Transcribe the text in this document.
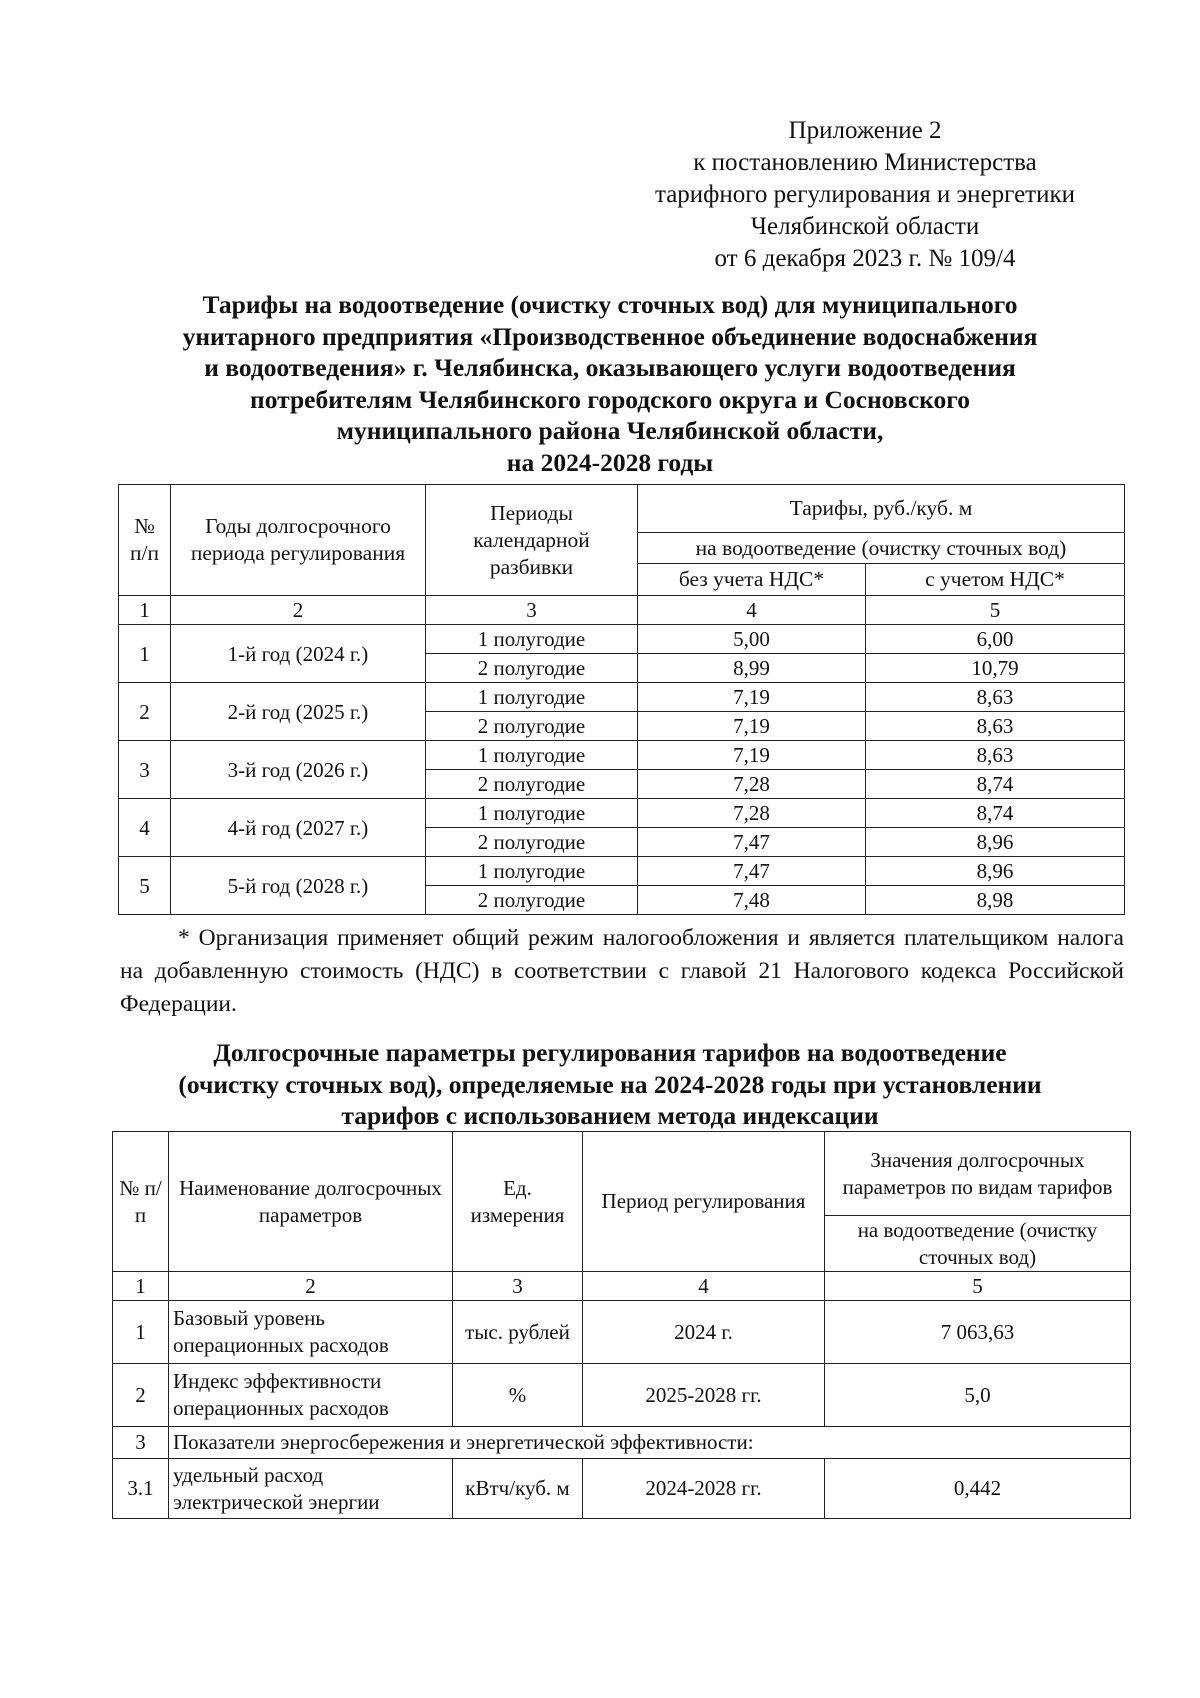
Приложение 2
к постановлению Министерства
тарифного регулирования и энергетики
Челябинской области
от 6 декабря 2023 г. № 109/4
Тарифы на водоотведение (очистку сточных вод) для муниципального
унитарного предприятия «Производственное объединение водоснабжения
и водоотведения» г. Челябинска, оказывающего услуги водоотведения
потребителям Челябинского городского округа и Сосновского
муниципального района Челябинской области,
на 2024-2028 годы
№ п/п	Годы долгосрочного периода регулирования	Периоды календарной разбивки	Тарифы, руб./куб. м	
			на водоотведение (очистку сточных вод)	
			без учета НДС*	с учетом НДС*
1	2	3	4	5
1	1-й год (2024 г.)	1 полугодие	5,00	6,00
		2 полугодие	8,99	10,79
2	2-й год (2025 г.)	1 полугодие	7,19	8,63
		2 полугодие	7,19	8,63
3	3-й год (2026 г.)	1 полугодие	7,19	8,63
		2 полугодие	7,28	8,74
4	4-й год (2027 г.)	1 полугодие	7,28	8,74
		2 полугодие	7,47	8,96
5	5-й год (2028 г.)	1 полугодие	7,47	8,96
		2 полугодие	7,48	8,98
* Организация применяет общий режим налогообложения и является плательщиком налога на добавленную стоимость (НДС) в соответствии с главой 21 Налогового кодекса Российской Федерации.
Долгосрочные параметры регулирования тарифов на водоотведение
(очистку сточных вод), определяемые на 2024-2028 годы при установлении
тарифов с использованием метода индексации
№ п/п	Наименование долгосрочных параметров	Ед. измерения	Период регулирования	Значения долгосрочных параметров по видам тарифов
				на водоотведение (очистку сточных вод)
1	2	3	4	5
1	Базовый уровень операционных расходов	тыс. рублей	2024 г.	7 063,63
2	Индекс эффективности операционных расходов	%	2025-2028 гг.	5,0
3	Показатели энергосбережения и энергетической эффективности:			
3.1	удельный расход электрической энергии	кВтч/куб. м	2024-2028 гг.	0,442
